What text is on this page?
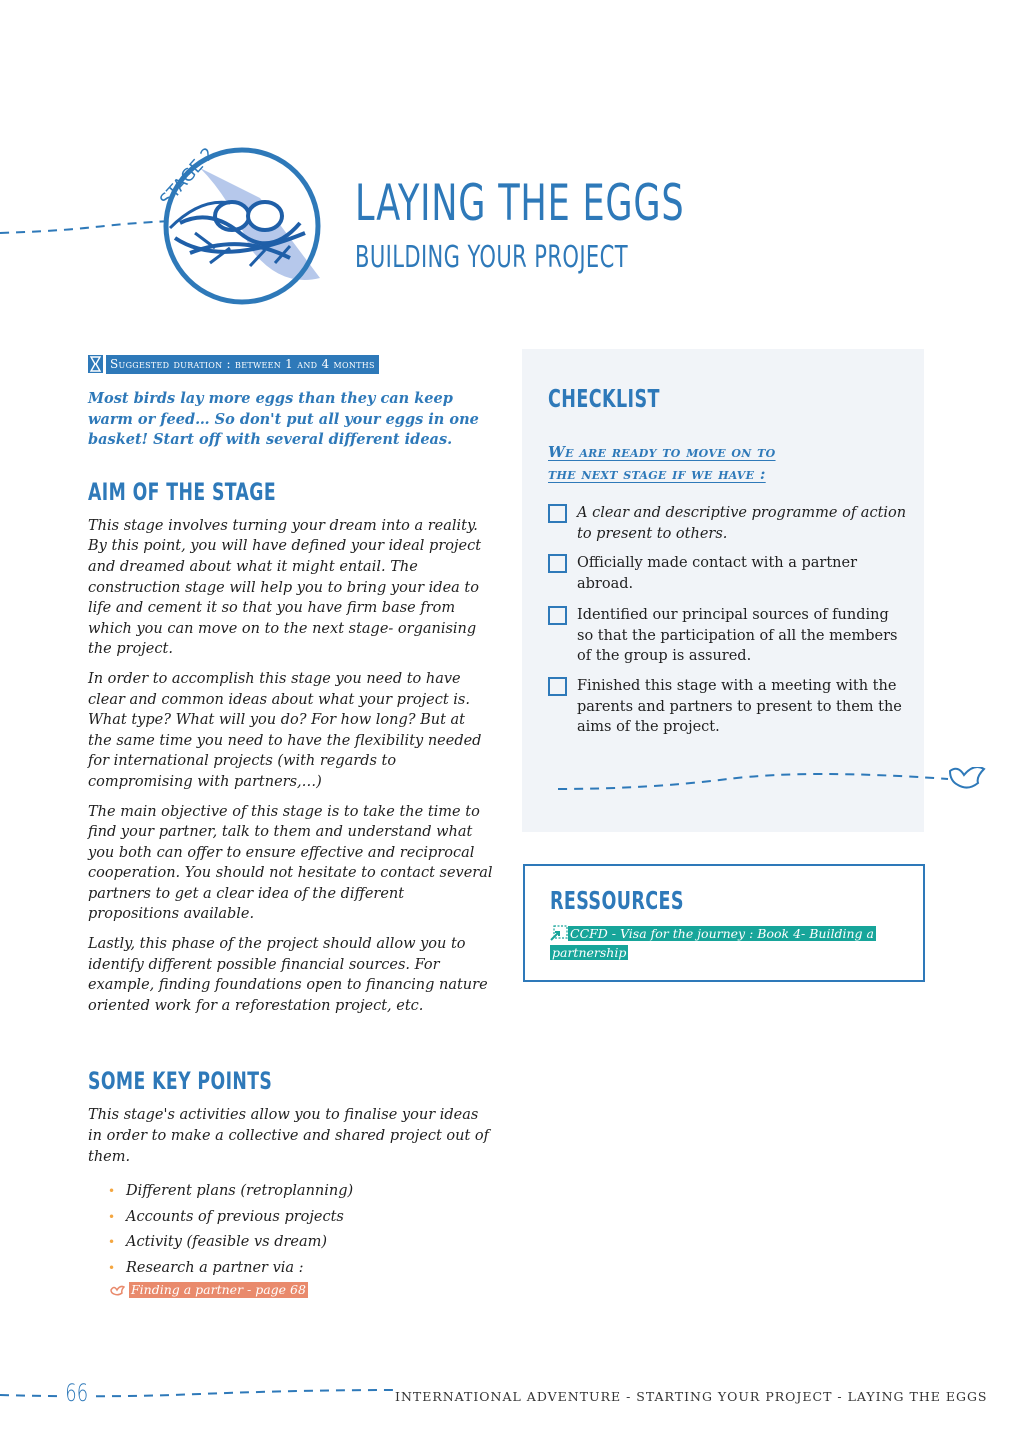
STAGE 2	LAYING THE EGGS
BUILDING YOUR PROJECT
Suggested duration : between 1 and 4 months

Most birds lay more eggs than they can keep warm or feed… So don't put all your eggs in one basket! Start off with several different ideas.

AIM OF THE STAGE

This stage involves turning your dream into a reality. By this point, you will have defined your ideal project and dreamed about what it might entail. The construction stage will help you to bring your idea to life and cement it so that you have firm base from which you can move on to the next stage- organising the project.

In order to accomplish this stage you need to have clear and common ideas about what your project is. What type? What will you do? For how long? But at the same time you need to have the flexibility needed for international projects (with regards to compromising with partners,…)

The main objective of this stage is to take the time to find your partner, talk to them and understand what you both can offer to ensure effective and reciprocal cooperation. You should not hesitate to contact several partners to get a clear idea of the different propositions available.

Lastly, this phase of the project should allow you to identify different possible financial sources. For example, finding foundations open to financing nature oriented work for a reforestation project, etc.

SOME KEY POINTS

This stage's activities allow you to finalise your ideas in order to make a collective and shared project out of them.

• Different plans (retroplanning)
• Accounts of previous projects
• Activity (feasible vs dream)
• Research a partner via :
Finding a partner - page 68
CHECKLIST
We are ready to move on to
the next stage if we have :
A clear and descriptive programme of action to present to others.
Officially made contact with a partner abroad.
Identified our principal sources of funding so that the participation of all the members of the group is assured.
Finished this stage with a meeting with the parents and partners to present to them the aims of the project.
RESSOURCES
CCFD - Visa for the journey : Book 4- Building a partnership
66	INTERNATIONAL ADVENTURE - STARTING YOUR PROJECT - LAYING THE EGGS
